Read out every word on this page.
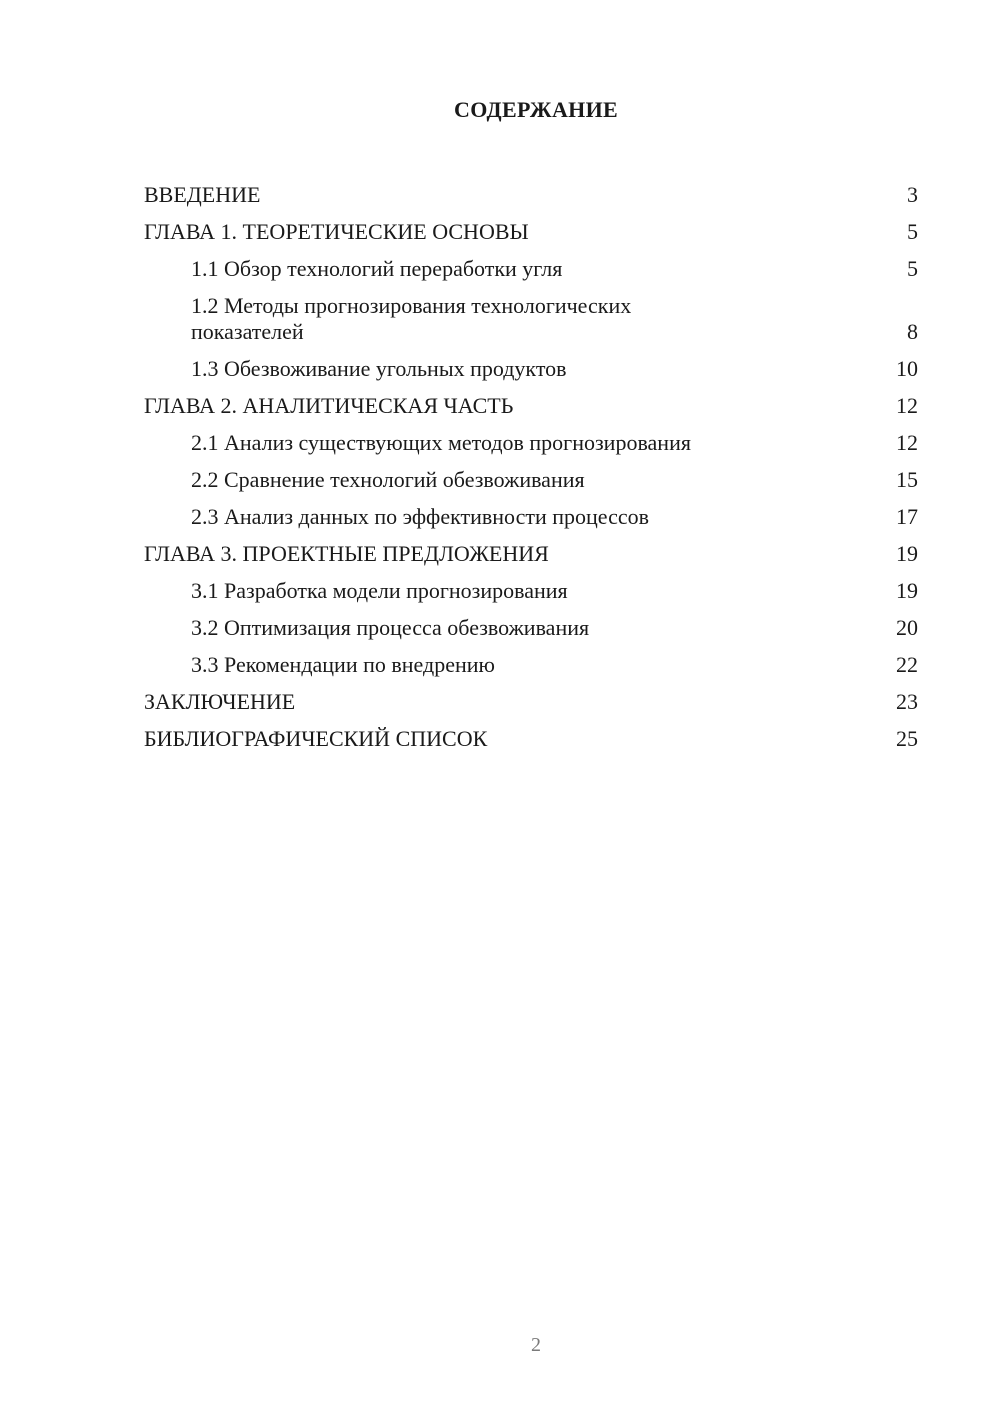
СОДЕРЖАНИЕ
ВВЕДЕНИЕ	3
ГЛАВА 1. ТЕОРЕТИЧЕСКИЕ ОСНОВЫ	5
1.1 Обзор технологий переработки угля	5
1.2 Методы прогнозирования технологических показателей	8
1.3 Обезвоживание угольных продуктов	10
ГЛАВА 2. АНАЛИТИЧЕСКАЯ ЧАСТЬ	12
2.1 Анализ существующих методов прогнозирования	12
2.2 Сравнение технологий обезвоживания	15
2.3 Анализ данных по эффективности процессов	17
ГЛАВА 3. ПРОЕКТНЫЕ ПРЕДЛОЖЕНИЯ	19
3.1 Разработка модели прогнозирования	19
3.2 Оптимизация процесса обезвоживания	20
3.3 Рекомендации по внедрению	22
ЗАКЛЮЧЕНИЕ	23
БИБЛИОГРАФИЧЕСКИЙ СПИСОК	25
2
